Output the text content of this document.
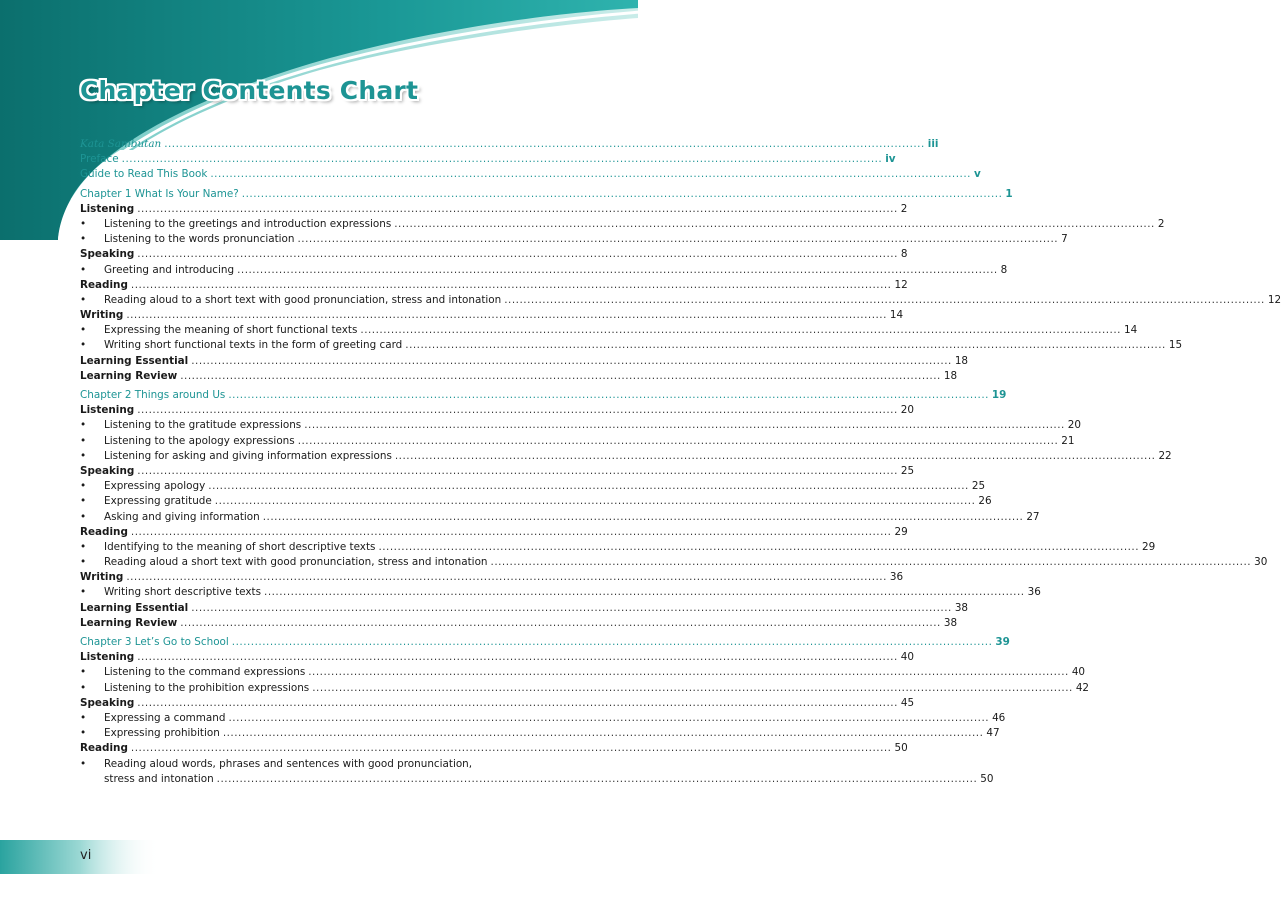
Chapter Contents Chart
Kata Sambutan ........................................................................................................................................................................................................ iii
Preface ........................................................................................................................................................................................................ iv
Guide to Read This Book ........................................................................................................................................................................................................ v
Chapter 1 What Is Your Name? ........................................................................................................................................................................................................ 1
Listening ........................................................................................................................................................................................................ 2
•	Listening to the greetings and introduction expressions ........................................................................................................................................................................................................ 2
•	Listening to the words pronunciation ........................................................................................................................................................................................................ 7
Speaking ........................................................................................................................................................................................................ 8
•	Greeting and introducing ........................................................................................................................................................................................................ 8
Reading ........................................................................................................................................................................................................ 12
•	Reading aloud to a short text with good pronunciation, stress and intonation ........................................................................................................................................................................................................ 12
Writing ........................................................................................................................................................................................................ 14
•	Expressing the meaning of short functional texts ........................................................................................................................................................................................................ 14
•	Writing short functional texts in the form of greeting card ........................................................................................................................................................................................................ 15
Learning Essential ........................................................................................................................................................................................................ 18
Learning Review ........................................................................................................................................................................................................ 18
Chapter 2 Things around Us ........................................................................................................................................................................................................ 19
Listening ........................................................................................................................................................................................................ 20
•	Listening to the gratitude expressions ........................................................................................................................................................................................................ 20
•	Listening to the apology expressions ........................................................................................................................................................................................................ 21
•	Listening for asking and giving information expressions ........................................................................................................................................................................................................ 22
Speaking ........................................................................................................................................................................................................ 25
•	Expressing apology ........................................................................................................................................................................................................ 25
•	Expressing gratitude ........................................................................................................................................................................................................ 26
•	Asking and giving information ........................................................................................................................................................................................................ 27
Reading ........................................................................................................................................................................................................ 29
•	Identifying to the meaning of short descriptive texts ........................................................................................................................................................................................................ 29
•	Reading aloud a short text with good pronunciation, stress and intonation ........................................................................................................................................................................................................ 30
Writing ........................................................................................................................................................................................................ 36
•	Writing short descriptive texts ........................................................................................................................................................................................................ 36
Learning Essential ........................................................................................................................................................................................................ 38
Learning Review ........................................................................................................................................................................................................ 38
Chapter 3 Let’s Go to School ........................................................................................................................................................................................................ 39
Listening ........................................................................................................................................................................................................ 40
•	Listening to the command expressions ........................................................................................................................................................................................................ 40
•	Listening to the prohibition expressions ........................................................................................................................................................................................................ 42
Speaking ........................................................................................................................................................................................................ 45
•	Expressing a command ........................................................................................................................................................................................................ 46
•	Expressing prohibition ........................................................................................................................................................................................................ 47
Reading ........................................................................................................................................................................................................ 50
•	Reading aloud words, phrases and sentences with good pronunciation,
stress and intonation ........................................................................................................................................................................................................ 50
vi
